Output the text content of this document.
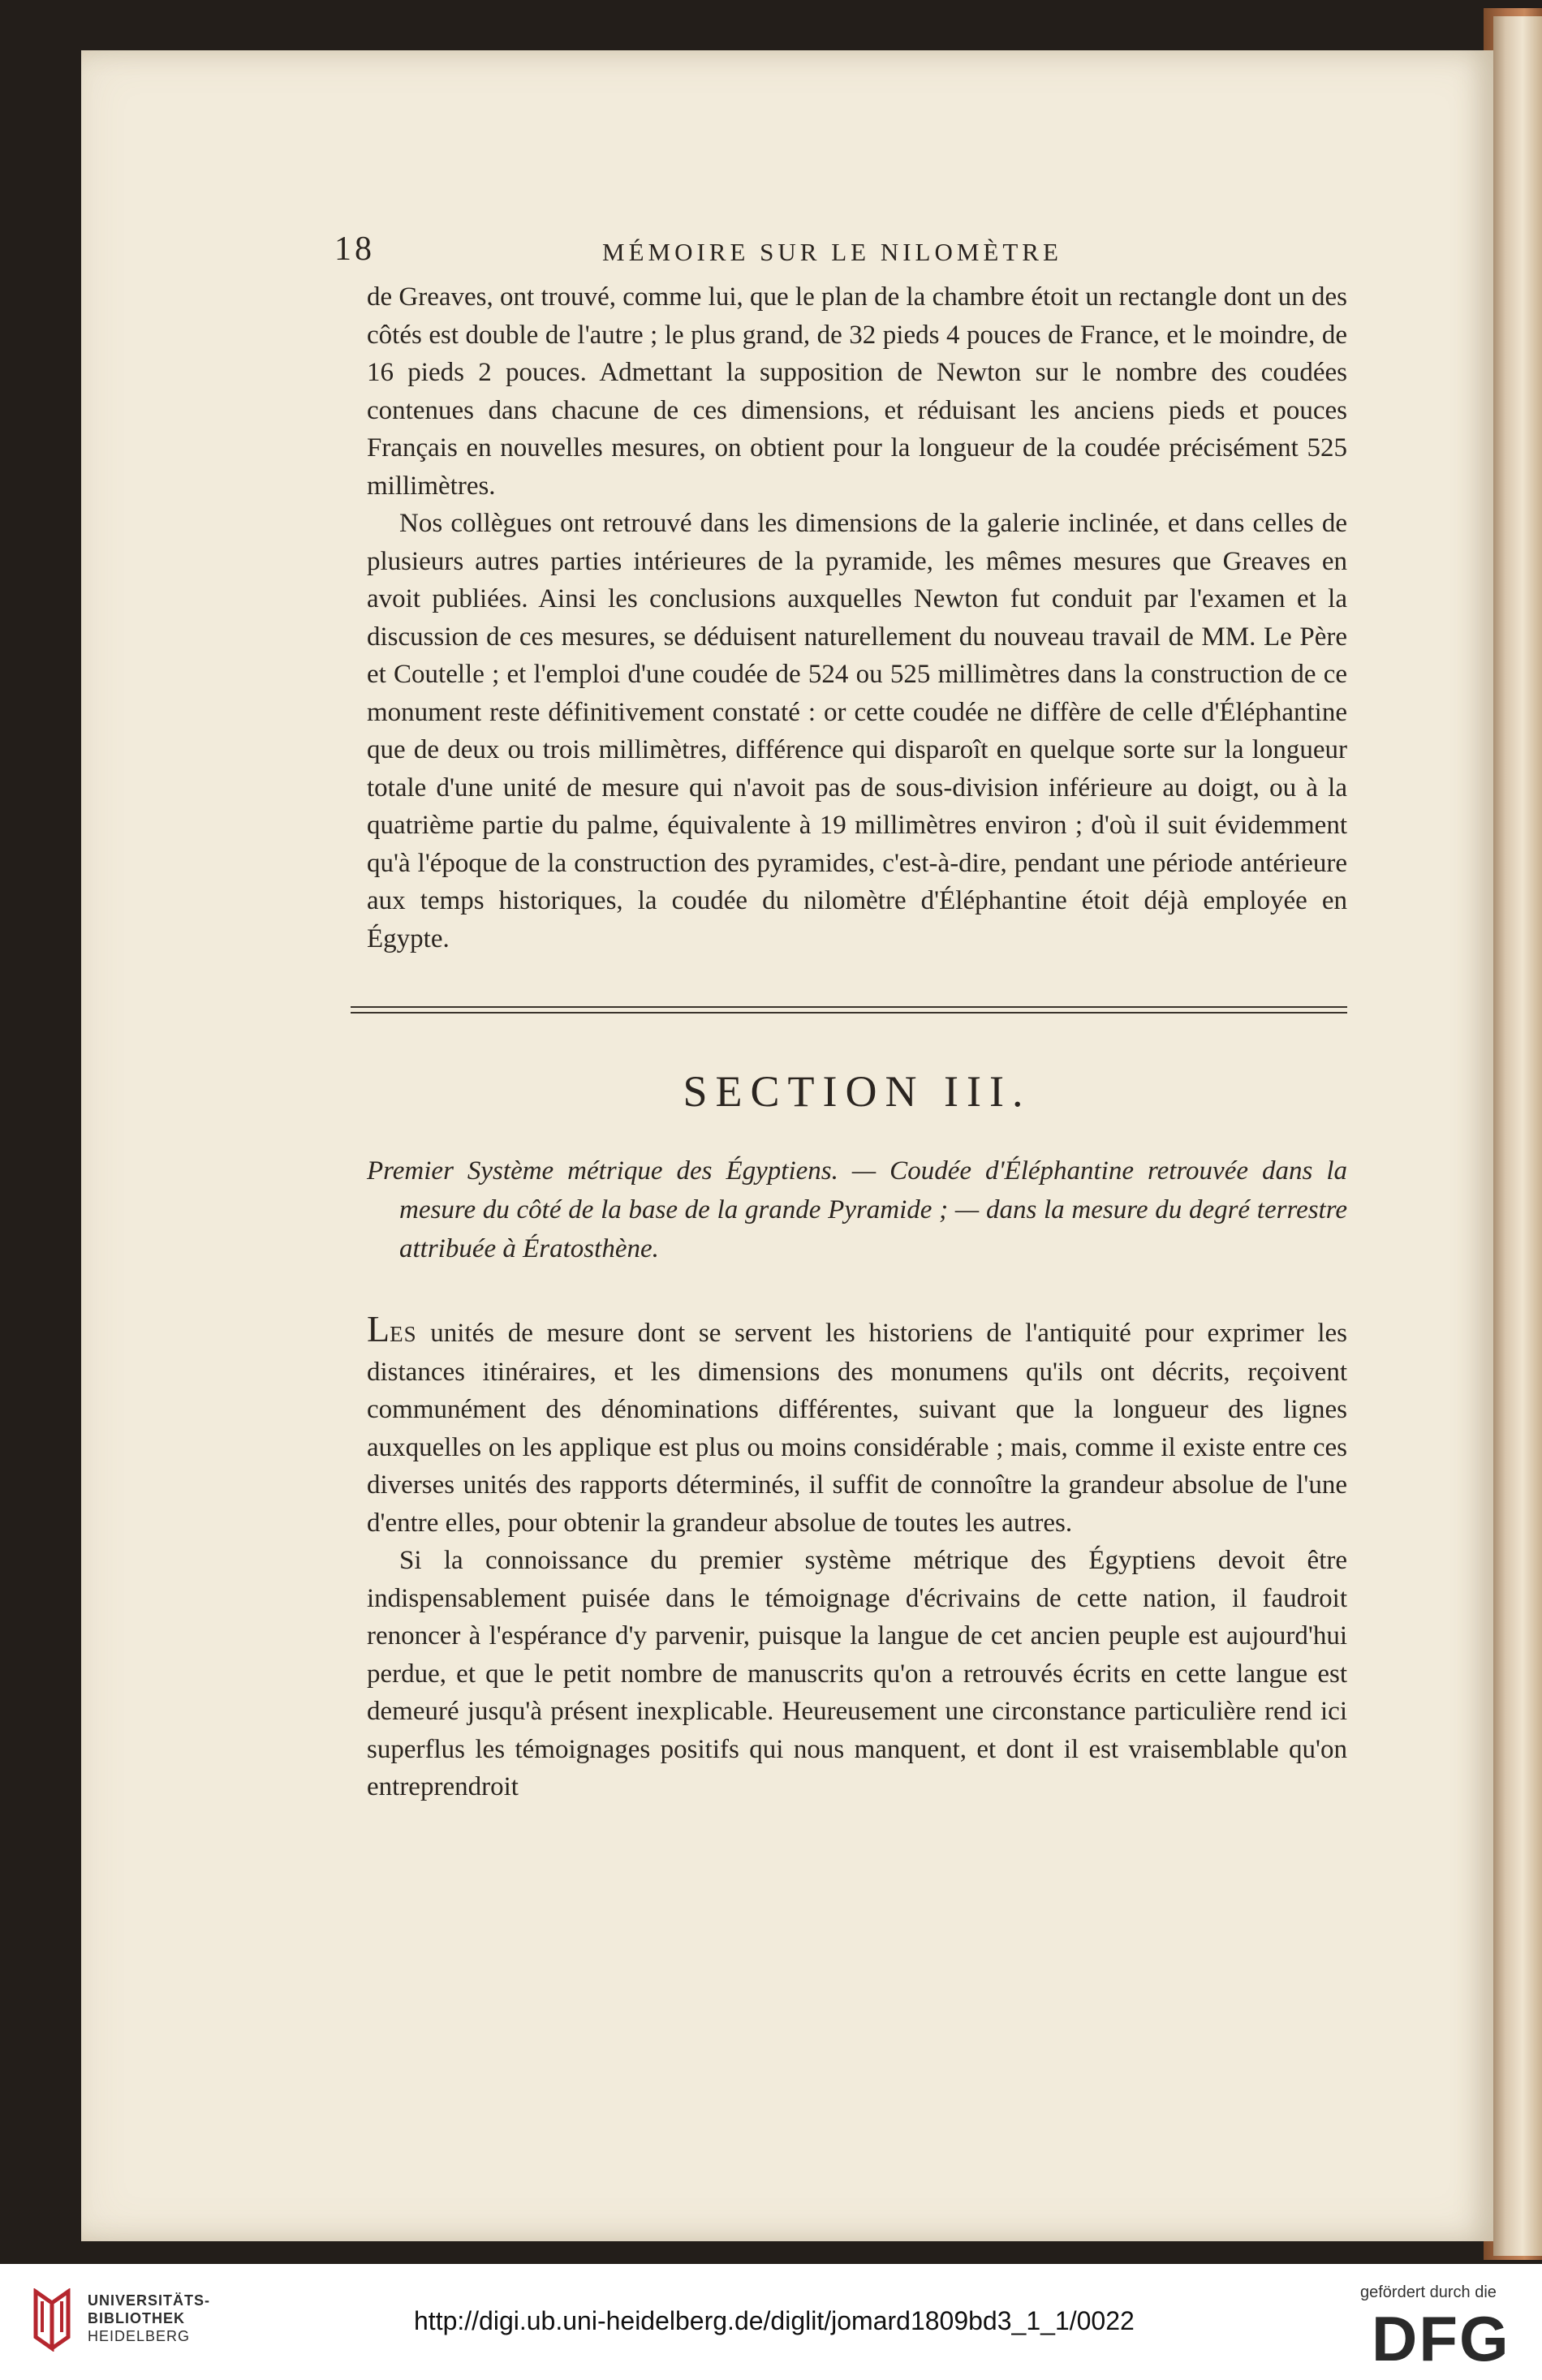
18	MÉMOIRE SUR LE NILOMÈTRE

de Greaves, ont trouvé, comme lui, que le plan de la chambre étoit un rectangle dont un des côtés est double de l'autre ; le plus grand, de 32 pieds 4 pouces de France, et le moindre, de 16 pieds 2 pouces. Admettant la supposition de Newton sur le nombre des coudées contenues dans chacune de ces dimensions, et réduisant les anciens pieds et pouces Français en nouvelles mesures, on obtient pour la longueur de la coudée précisément 525 millimètres.

Nos collègues ont retrouvé dans les dimensions de la galerie inclinée, et dans celles de plusieurs autres parties intérieures de la pyramide, les mêmes mesures que Greaves en avoit publiées. Ainsi les conclusions auxquelles Newton fut conduit par l'examen et la discussion de ces mesures, se déduisent naturellement du nouveau travail de MM. Le Père et Coutelle ; et l'emploi d'une coudée de 524 ou 525 millimètres dans la construction de ce monument reste définitivement constaté : or cette coudée ne diffère de celle d'Éléphantine que de deux ou trois millimètres, différence qui disparoît en quelque sorte sur la longueur totale d'une unité de mesure qui n'avoit pas de sous-division inférieure au doigt, ou à la quatrième partie du palme, équivalente à 19 millimètres environ ; d'où il suit évidemment qu'à l'époque de la construction des pyramides, c'est-à-dire, pendant une période antérieure aux temps historiques, la coudée du nilomètre d'Éléphantine étoit déjà employée en Égypte.

SECTION III.

Premier Système métrique des Égyptiens. — Coudée d'Éléphantine retrouvée dans la mesure du côté de la base de la grande Pyramide ; — dans la mesure du degré terrestre attribuée à Ératosthène.

LES unités de mesure dont se servent les historiens de l'antiquité pour exprimer les distances itinéraires, et les dimensions des monumens qu'ils ont décrits, reçoivent communément des dénominations différentes, suivant que la longueur des lignes auxquelles on les applique est plus ou moins considérable ; mais, comme il existe entre ces diverses unités des rapports déterminés, il suffit de connoître la grandeur absolue de l'une d'entre elles, pour obtenir la grandeur absolue de toutes les autres.

Si la connoissance du premier système métrique des Égyptiens devoit être indispensablement puisée dans le témoignage d'écrivains de cette nation, il faudroit renoncer à l'espérance d'y parvenir, puisque la langue de cet ancien peuple est aujourd'hui perdue, et que le petit nombre de manuscrits qu'on a retrouvés écrits en cette langue est demeuré jusqu'à présent inexplicable. Heureusement une circonstance particulière rend ici superflus les témoignages positifs qui nous manquent, et dont il est vraisemblable qu'on entreprendroit

UNIVERSITÄTS-
BIBLIOTHEK
HEIDELBERG
http://digi.ub.uni-heidelberg.de/diglit/jomard1809bd3_1_1/0022
gefördert durch die
DFG
